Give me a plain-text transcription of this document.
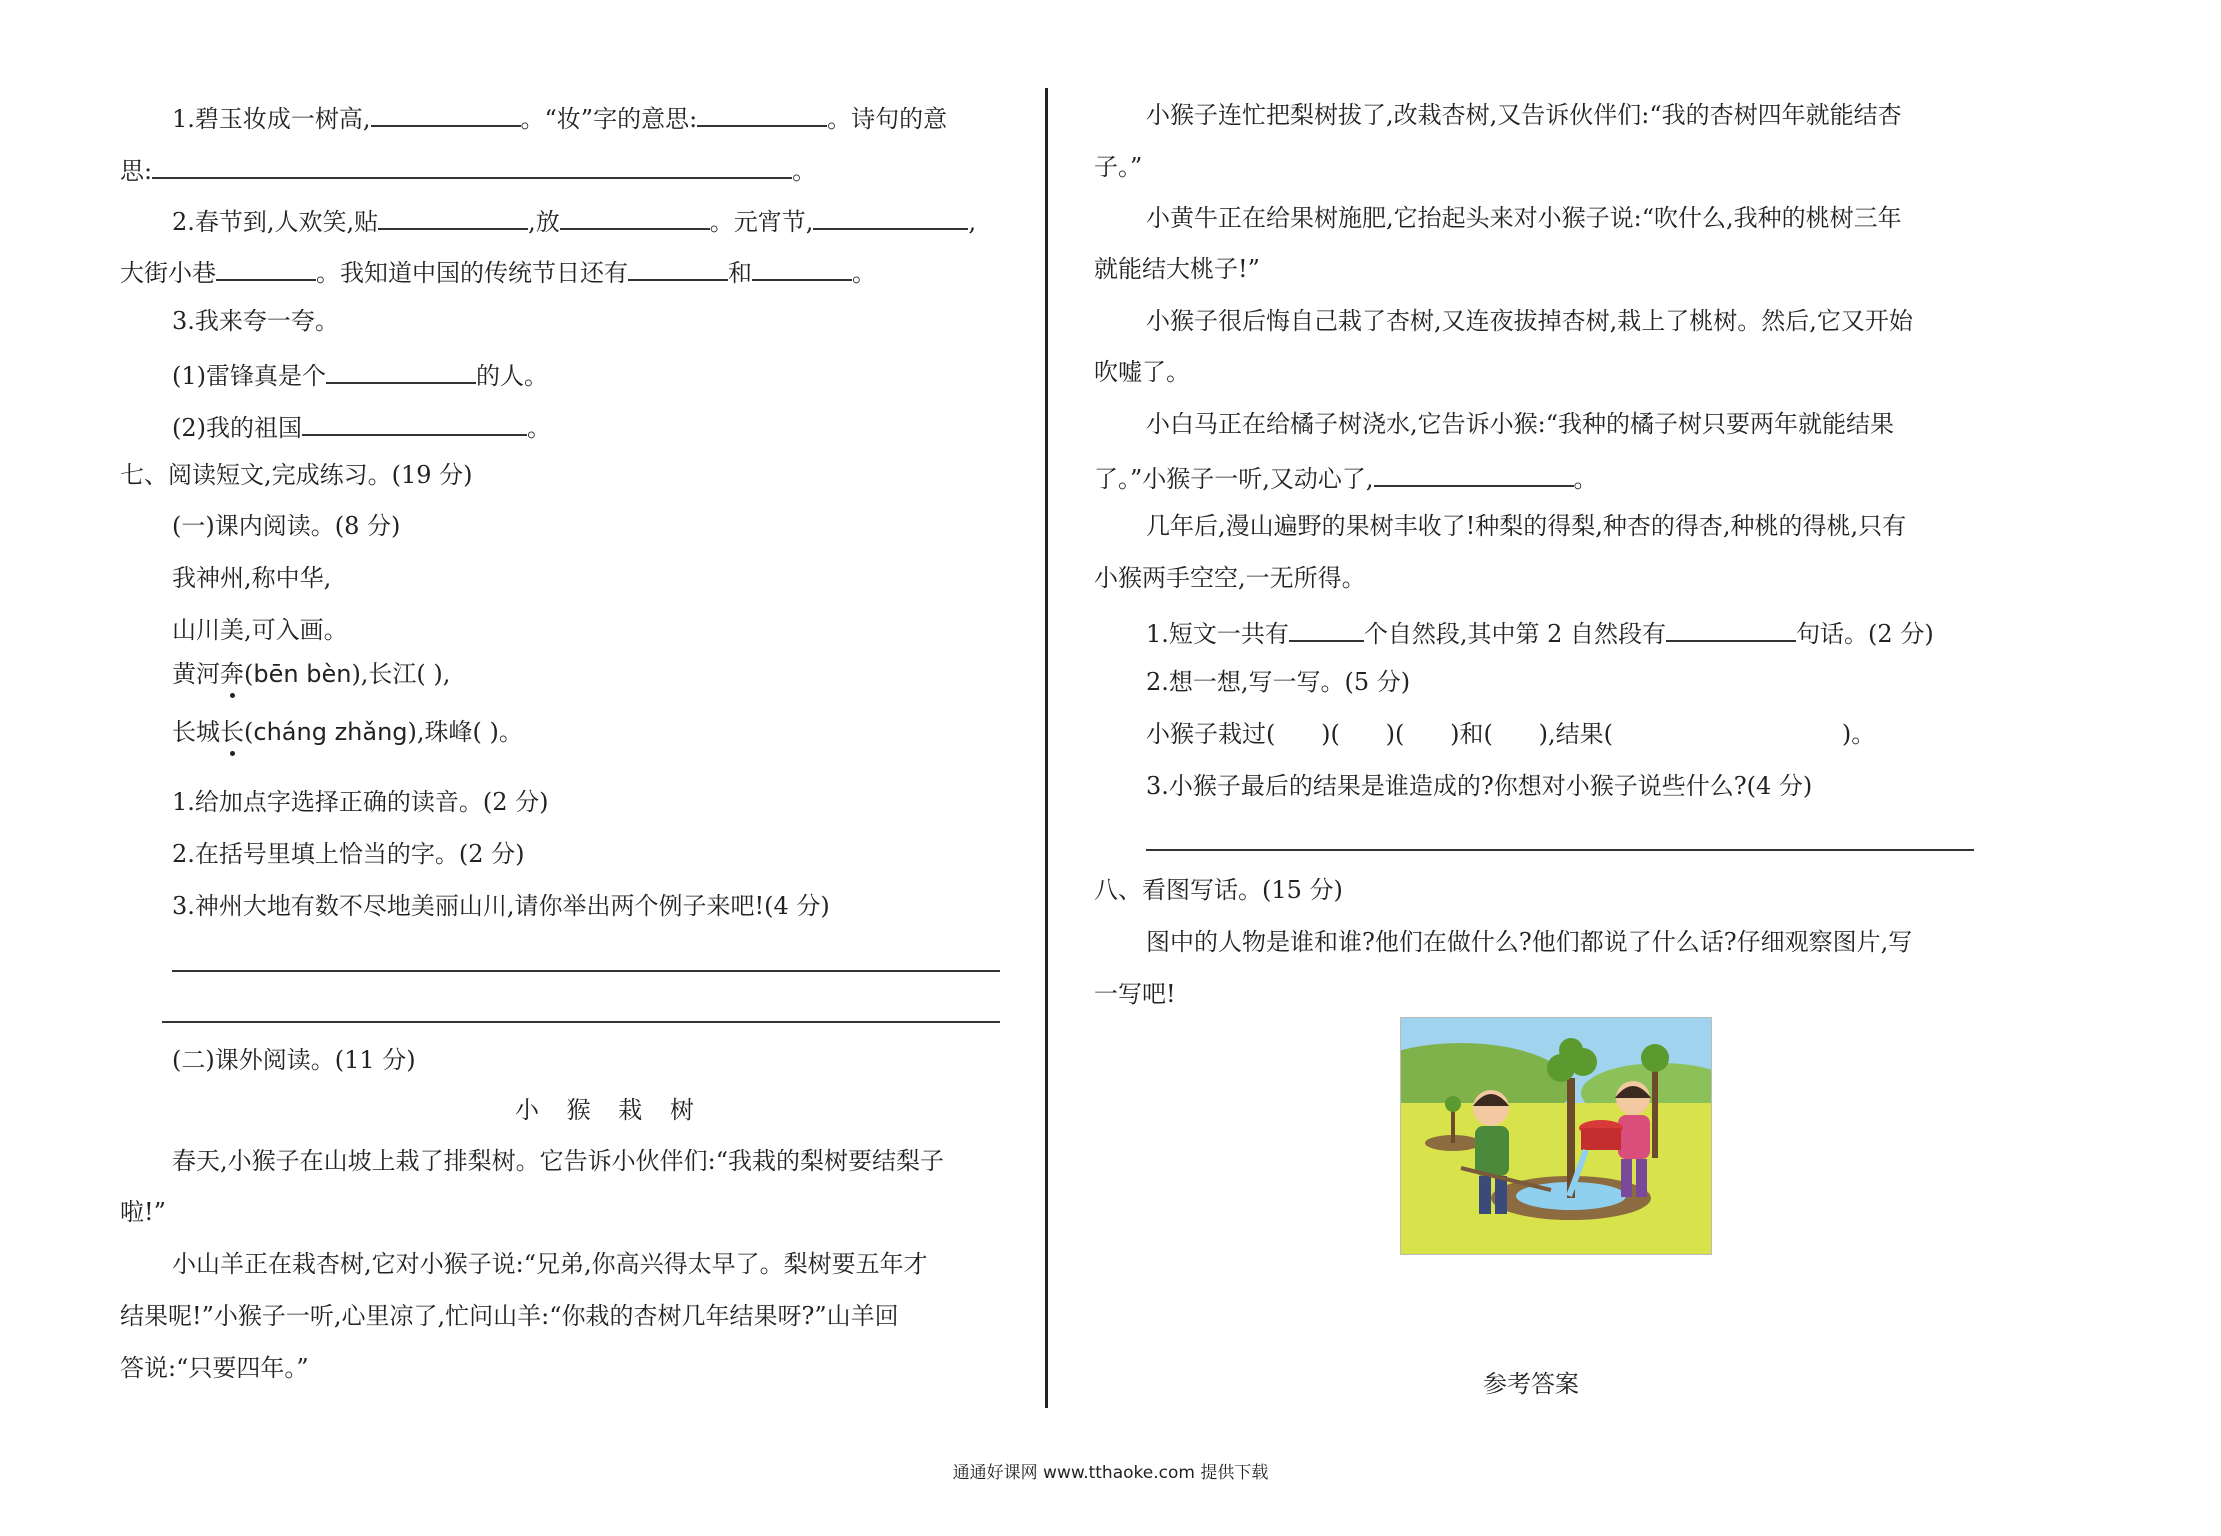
1.碧玉妆成一树高,	。“妆”字的意思:	。诗句的意
思:	。
2.春节到,人欢笑,贴	,放	。元宵节,	,
大街小巷	。我知道中国的传统节日还有	和	。
3.我来夸一夸。
(1)雷锋真是个	的人。
(2)我的祖国	。
七、阅读短文,完成练习。(19 分)
(一)课内阅读。(8 分)
我神州,称中华,
山川美,可入画。
黄河奔(bēn bèn),长江( ),
长城长(cháng zhǎng),珠峰( )。
1.给加点字选择正确的读音。(2 分)
2.在括号里填上恰当的字。(2 分)
3.神州大地有数不尽地美丽山川,请你举出两个例子来吧!(4 分)
(二)课外阅读。(11 分)
小 猴 栽 树
春天,小猴子在山坡上栽了排梨树。它告诉小伙伴们:“我栽的梨树要结梨子
啦!”
小山羊正在栽杏树,它对小猴子说:“兄弟,你高兴得太早了。梨树要五年才
结果呢!”小猴子一听,心里凉了,忙问山羊:“你栽的杏树几年结果呀?”山羊回
答说:“只要四年。”
小猴子连忙把梨树拔了,改栽杏树,又告诉伙伴们:“我的杏树四年就能结杏
子。”
小黄牛正在给果树施肥,它抬起头来对小猴子说:“吹什么,我种的桃树三年
就能结大桃子!”
小猴子很后悔自己栽了杏树,又连夜拔掉杏树,栽上了桃树。然后,它又开始
吹嘘了。
小白马正在给橘子树浇水,它告诉小猴:“我种的橘子树只要两年就能结果
了。”小猴子一听,又动心了,	。
几年后,漫山遍野的果树丰收了!种梨的得梨,种杏的得杏,种桃的得桃,只有
小猴两手空空,一无所得。
1.短文一共有	个自然段,其中第 2 自然段有	句话。(2 分)
2.想一想,写一写。(5 分)
小猴子栽过(      )(      )(      )和(      ),结果(                              )。
3.小猴子最后的结果是谁造成的?你想对小猴子说些什么?(4 分)
八、看图写话。(15 分)
图中的人物是谁和谁?他们在做什么?他们都说了什么话?仔细观察图片,写
一写吧!
参考答案
通通好课网 www.tthaoke.com 提供下载
